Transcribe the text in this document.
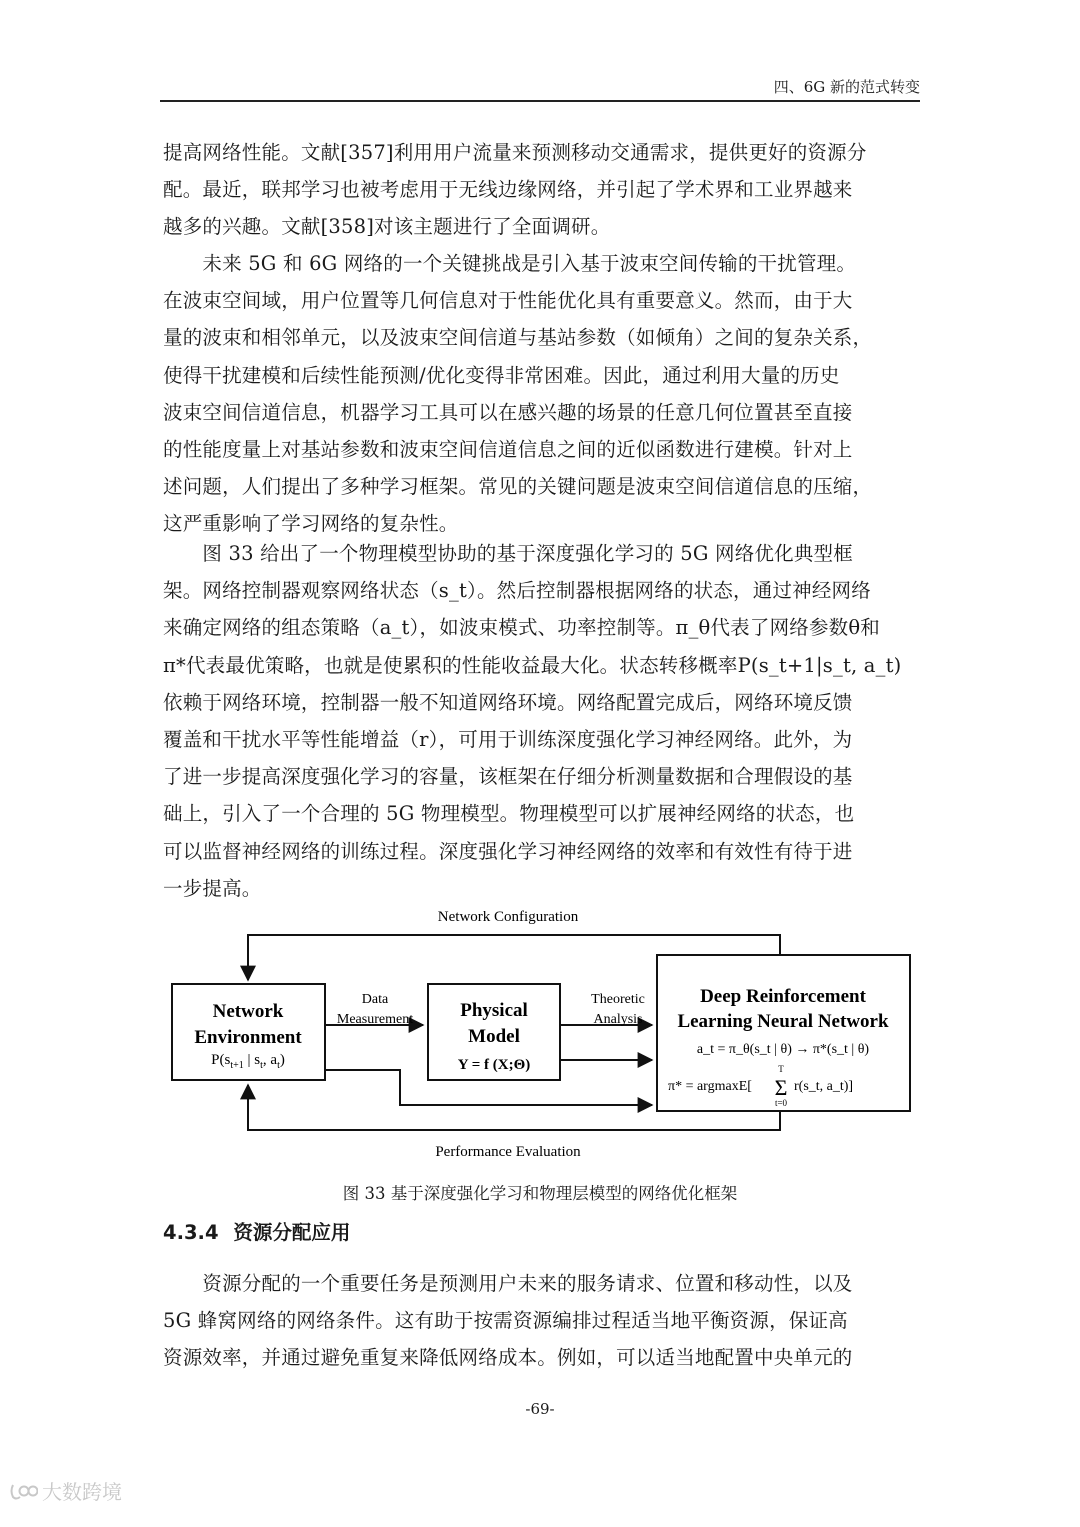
四、6G 新的范式转变
提高网络性能。文献[357]利用用户流量来预测移动交通需求，提供更好的资源分
配。最近，联邦学习也被考虑用于无线边缘网络，并引起了学术界和工业界越来
越多的兴趣。文献[358]对该主题进行了全面调研。
　　未来 5G 和 6G 网络的一个关键挑战是引入基于波束空间传输的干扰管理。
在波束空间域，用户位置等几何信息对于性能优化具有重要意义。然而，由于大
量的波束和相邻单元，以及波束空间信道与基站参数（如倾角）之间的复杂关系，
使得干扰建模和后续性能预测/优化变得非常困难。因此，通过利用大量的历史
波束空间信道信息，机器学习工具可以在感兴趣的场景的任意几何位置甚至直接
的性能度量上对基站参数和波束空间信道信息之间的近似函数进行建模。针对上
述问题，人们提出了多种学习框架。常见的关键问题是波束空间信道信息的压缩，
这严重影响了学习网络的复杂性。
　　图 33 给出了一个物理模型协助的基于深度强化学习的 5G 网络优化典型框
架。网络控制器观察网络状态（s_t）。然后控制器根据网络的状态，通过神经网络
来确定网络的组态策略（a_t），如波束模式、功率控制等。π_θ代表了网络参数θ和
π*代表最优策略，也就是使累积的性能收益最大化。状态转移概率P(s_t+1|s_t, a_t)
依赖于网络环境，控制器一般不知道网络环境。网络配置完成后，网络环境反馈
覆盖和干扰水平等性能增益（r），可用于训练深度强化学习神经网络。此外，为
了进一步提高深度强化学习的容量，该框架在仔细分析测量数据和合理假设的基
础上，引入了一个合理的 5G 物理模型。物理模型可以扩展神经网络的状态，也
可以监督神经网络的训练过程。深度强化学习神经网络的效率和有效性有待于进
一步提高。
Network Configuration
Network
Environment
$P(s_{t+1}$ | $s_t$, $a_t$)
Data
Measurement Physical
Model
Y = f (X;Θ)
Theoretic
Analysis
Deep Reinforcement
Learning Neural Network
a_t = π_θ(s_t | θ) → π*(s_t | θ)
π* = argmaxE[ Σ
T
t=0
r(s_t, a_t)]
Performance Evaluation
图 33 基于深度强化学习和物理层模型的网络优化框架
4.3.4 资源分配应用
　　资源分配的一个重要任务是预测用户未来的服务请求、位置和移动性，以及
5G 蜂窝网络的网络条件。这有助于按需资源编排过程适当地平衡资源，保证高
资源效率，并通过避免重复来降低网络成本。例如，可以适当地配置中央单元的
-69-
大数跨境
